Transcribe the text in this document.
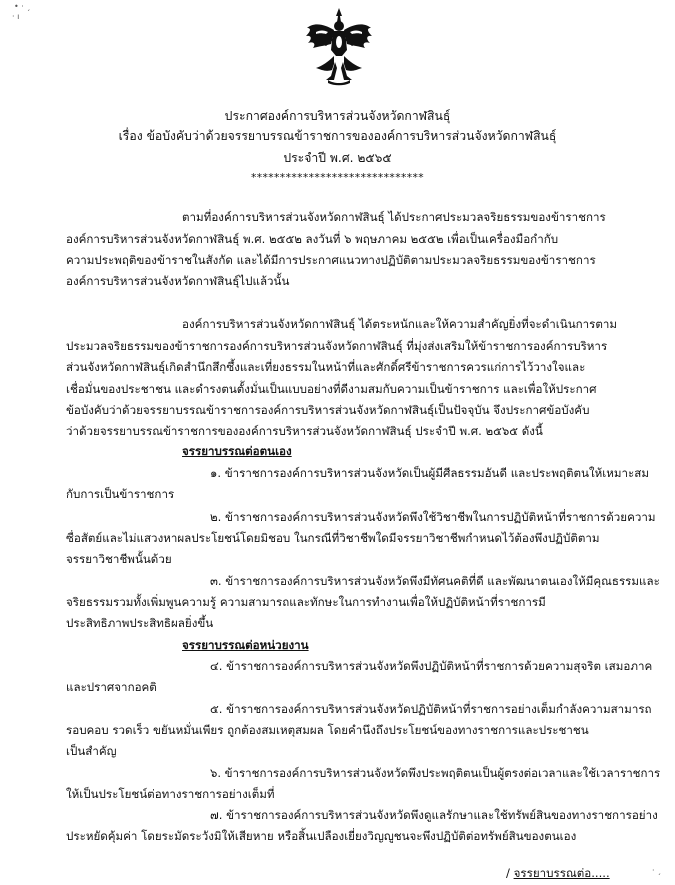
• · ˏ
· ı
· ˏ
ประกาศองค์การบริหารส่วนจังหวัดกาฬสินธุ์
เรื่อง ข้อบังคับว่าด้วยจรรยาบรรณข้าราชการขององค์การบริหารส่วนจังหวัดกาฬสินธุ์
ประจำปี พ.ศ. ๒๕๖๕
******************************
ตามที่องค์การบริหารส่วนจังหวัดกาฬสินธุ์ ได้ประกาศประมวลจริยธรรมของข้าราชการ
องค์การบริหารส่วนจังหวัดกาฬสินธุ์ พ.ศ. ๒๕๕๒ ลงวันที่ ๖ พฤษภาคม ๒๕๕๒ เพื่อเป็นเครื่องมือกำกับ
ความประพฤติของข้าราชในสังกัด และได้มีการประกาศแนวทางปฏิบัติตามประมวลจริยธรรมของข้าราชการ
องค์การบริหารส่วนจังหวัดกาฬสินธุ์ไปแล้วนั้น
องค์การบริหารส่วนจังหวัดกาฬสินธุ์ ได้ตระหนักและให้ความสำคัญยิ่งที่จะดำเนินการตาม
ประมวลจริยธรรมของข้าราชการองค์การบริหารส่วนจังหวัดกาฬสินธุ์ ที่มุ่งส่งเสริมให้ข้าราชการองค์การบริหาร
ส่วนจังหวัดกาฬสินธุ์เกิดสำนึกสึกซึ้งและเที่ยงธรรมในหน้าที่และศักดิ์ศรีข้าราชการควรแก่การไว้วางใจและ
เชื่อมั่นของประชาชน และดำรงตนตั้งมั่นเป็นแบบอย่างที่ดีงามสมกับความเป็นข้าราชการ และเพื่อให้ประกาศ
ข้อบังคับว่าด้วยจรรยาบรรณข้าราชการองค์การบริหารส่วนจังหวัดกาฬสินธุ์เป็นปัจจุบัน จึงประกาศข้อบังคับ
ว่าด้วยจรรยาบรรณข้าราชการขององค์การบริหารส่วนจังหวัดกาฬสินธุ์ ประจำปี พ.ศ. ๒๕๖๕ ดังนี้
จรรยาบรรณต่อตนเอง
๑. ข้าราชการองค์การบริหารส่วนจังหวัดเป็นผู้มีศีลธรรมอันดี และประพฤติตนให้เหมาะสม
กับการเป็นข้าราชการ
๒. ข้าราชการองค์การบริหารส่วนจังหวัดพึงใช้วิชาชีพในการปฏิบัติหน้าที่ราชการด้วยความ
ซื่อสัตย์และไม่แสวงหาผลประโยชน์โดยมิชอบ ในกรณีที่วิชาชีพใดมีจรรยาวิชาชีพกำหนดไว้ต้องพึงปฏิบัติตาม
จรรยาวิชาชีพนั้นด้วย
๓. ข้าราชการองค์การบริหารส่วนจังหวัดพึงมีทัศนคติที่ดี และพัฒนาตนเองให้มีคุณธรรมและ
จริยธรรมรวมทั้งเพิ่มพูนความรู้ ความสามารถและทักษะในการทำงานเพื่อให้ปฏิบัติหน้าที่ราชการมี
ประสิทธิภาพประสิทธิผลยิ่งขึ้น
จรรยาบรรณต่อหน่วยงาน
๔. ข้าราชการองค์การบริหารส่วนจังหวัดพึงปฏิบัติหน้าที่ราชการด้วยความสุจริต เสมอภาค
และปราศจากอคติ
๕. ข้าราชการองค์การบริหารส่วนจังหวัดปฏิบัติหน้าที่ราชการอย่างเต็มกำลังความสามารถ
รอบคอบ รวดเร็ว ขยันหมั่นเพียร ถูกต้องสมเหตุสมผล โดยคำนึงถึงประโยชน์ของทางราชการและประชาชน
เป็นสำคัญ
๖. ข้าราชการองค์การบริหารส่วนจังหวัดพึงประพฤติตนเป็นผู้ตรงต่อเวลาและใช้เวลาราชการ
ให้เป็นประโยชน์ต่อทางราชการอย่างเต็มที่
๗. ข้าราชการองค์การบริหารส่วนจังหวัดพึงดูแลรักษาและใช้ทรัพย์สินของทางราชการอย่าง
ประหยัดคุ้มค่า โดยระมัดระวังมิให้เสียหาย หรือสิ้นเปลืองเยี่ยงวิญญูชนจะพึงปฏิบัติต่อทรัพย์สินของตนเอง
/ จรรยาบรรณต่อ.....
